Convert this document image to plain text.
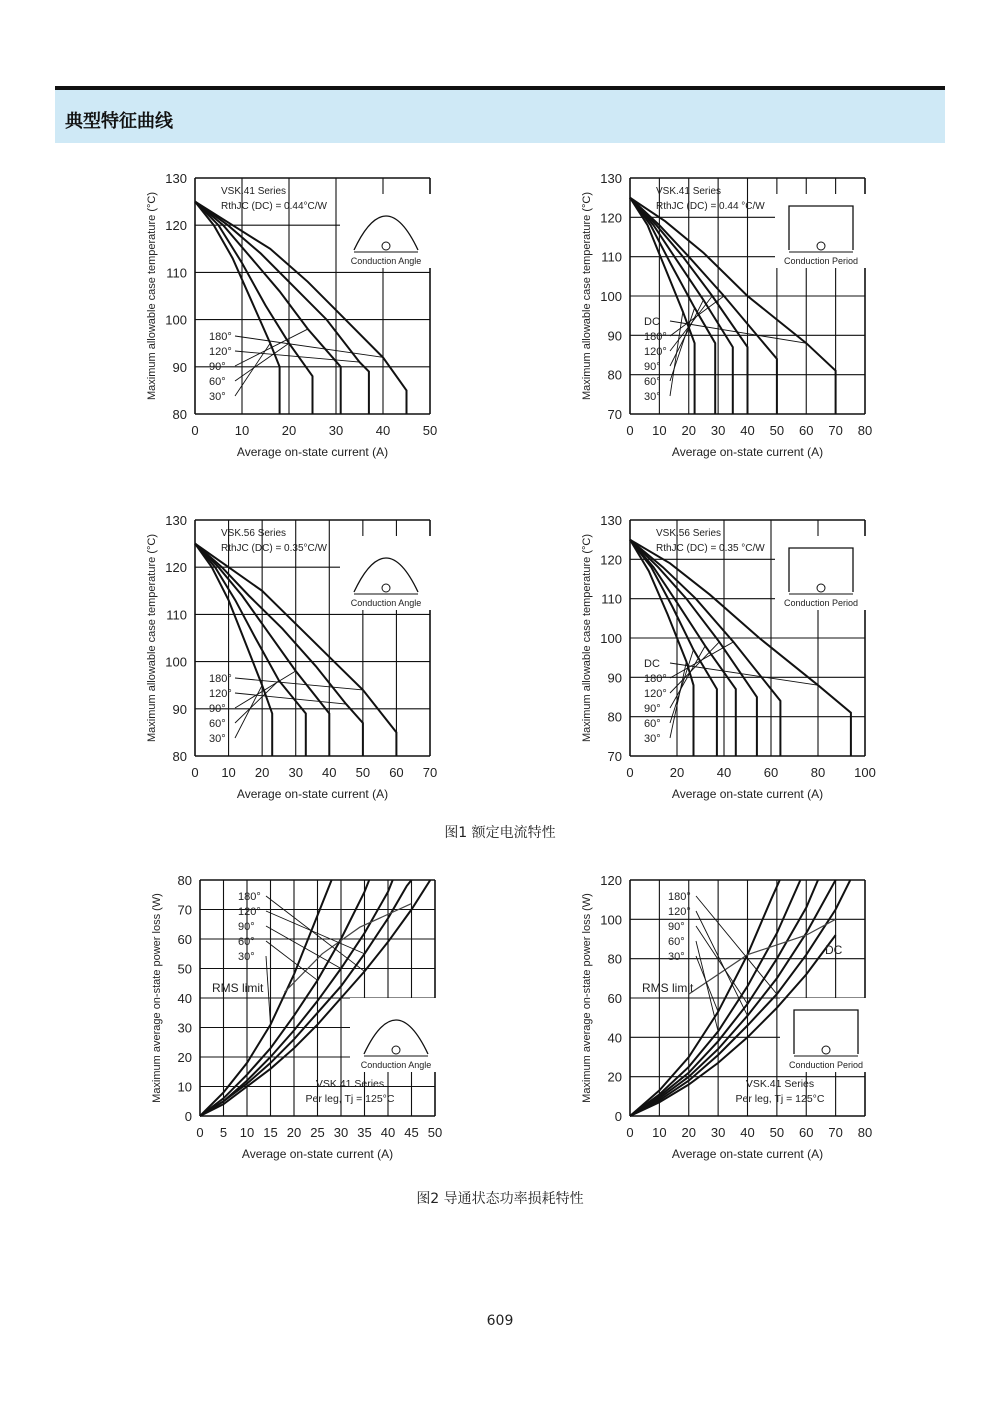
典型特征曲线
80
90
100
110
120
130
0	10	20	30	40	50
Average on-state current (A)
Maximum allowable case temperature (°C)
VSK.41 Series
RthJC (DC) = 0.44°C/W
Conduction Angle
180°
120°
90°
60°
30°
70
80
90
100
110
120
130
0 10 20 30 40 50 60 70 80
Average on-state current (A)
Maximum allowable case temperature (°C)
VSK.41 Series
RthJC (DC) = 0.44 °C/W
Conduction Period
DC
180°
120°
90°
60°
30°
80
90
100
110
120
130
0 10 20 30 40 50 60 70
Average on-state current (A)
Maximum allowable case temperature (°C)
VSK.56 Series
RthJC (DC) = 0.35°C/W
Conduction Angle
180°
120°
90°
60°
30°
70
80
90
100
110
120
130
0	20	40	60	80 100
Average on-state current (A)
Maximum allowable case temperature (°C)
VSK.56 Series
RthJC (DC) = 0.35 °C/W
Conduction Period
DC
180°
120°
90°
60°
30°
图1 额定电流特性
0
10
20
30
40
50
60
70
80
0 5 10 15 20 25 30 35 40 45 50
Average on-state current (A)
Maximum average on-state power loss (W)	VSK.41 Series
Per leg, Tj = 125°C
Conduction Angle
180°
120°
90°
60°
30°
RMS limit
0
20
40
60
80
100
120
0 10 20 30 40 50 60 70 80
Average on-state current (A)
Maximum average on-state power loss (W)	VSK.41 Series
Per leg, Tj = 125°C
Conduction Period
180°
120°
90°
60°
30°
RMS limit
DC
图2 导通状态功率损耗特性
609
